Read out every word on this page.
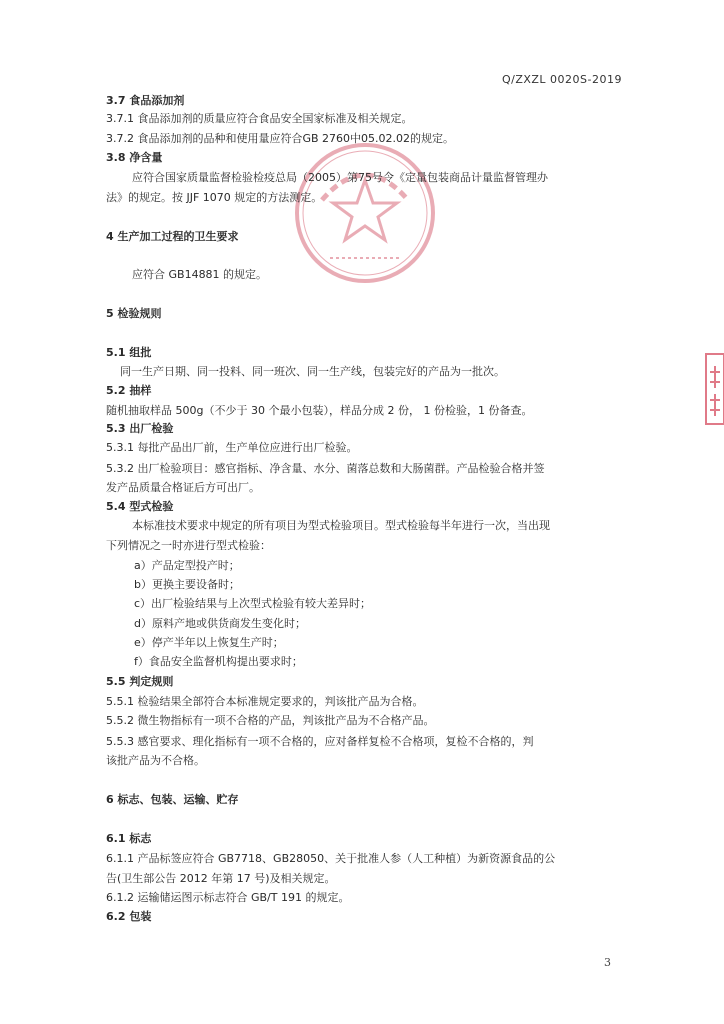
Q/ZXZL 0020S-2019
3.7 食品添加剂
3.7.1 食品添加剂的质量应符合食品安全国家标准及相关规定。
3.7.2 食品添加剂的品种和使用量应符合GB 2760中05.02.02的规定。
3.8 净含量
应符合国家质量监督检验检疫总局（2005）第75号令《定量包装商品计量监督管理办
法》的规定。按 JJF 1070 规定的方法测定。
4 生产加工过程的卫生要求
应符合 GB14881 的规定。
5 检验规则
5.1 组批
同一生产日期、同一投料、同一班次、同一生产线，包装完好的产品为一批次。
5.2 抽样
随机抽取样品 500g（不少于 30 个最小包装），样品分成 2 份， 1 份检验，1 份备查。
5.3 出厂检验
5.3.1 每批产品出厂前，生产单位应进行出厂检验。
5.3.2 出厂检验项目：感官指标、净含量、水分、菌落总数和大肠菌群。产品检验合格并签
发产品质量合格证后方可出厂。
5.4 型式检验
本标准技术要求中规定的所有项目为型式检验项目。型式检验每半年进行一次，当出现
下列情况之一时亦进行型式检验：
a）产品定型投产时；
b）更换主要设备时；
c）出厂检验结果与上次型式检验有较大差异时；
d）原料产地或供货商发生变化时；
e）停产半年以上恢复生产时；
f）食品安全监督机构提出要求时；
5.5 判定规则
5.5.1 检验结果全部符合本标准规定要求的，判该批产品为合格。
5.5.2 微生物指标有一项不合格的产品，判该批产品为不合格产品。
5.5.3 感官要求、理化指标有一项不合格的，应对备样复检不合格项，复检不合格的，判
该批产品为不合格。
6 标志、包装、运输、贮存
6.1 标志
6.1.1 产品标签应符合 GB7718、GB28050、关于批准人参（人工种植）为新资源食品的公
告(卫生部公告 2012 年第 17 号)及相关规定。
6.1.2 运输储运图示标志符合 GB/T 191 的规定。
6.2 包装
3
